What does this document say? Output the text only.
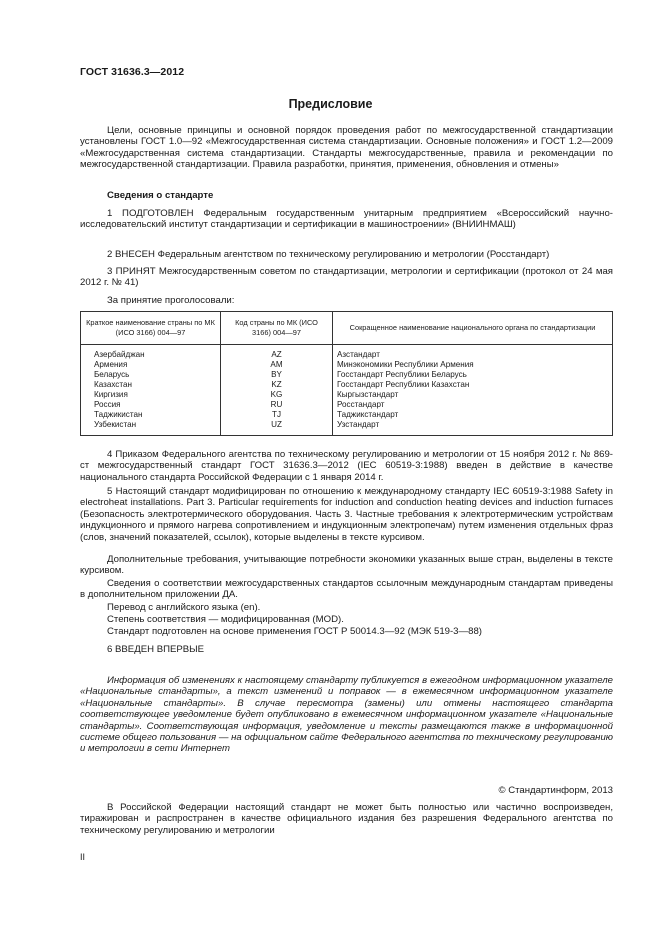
ГОСТ 31636.3—2012
Предисловие
Цели, основные принципы и основной порядок проведения работ по межгосударственной стандартизации установлены ГОСТ 1.0—92 «Межгосударственная система стандартизации. Основные положения» и ГОСТ 1.2—2009 «Межгосударственная система стандартизации. Стандарты межгосударственные, правила и рекомендации по межгосударственной стандартизации. Правила разработки, принятия, применения, обновления и отмены»
Сведения о стандарте
1 ПОДГОТОВЛЕН Федеральным государственным унитарным предприятием «Всероссийский научно-исследовательский институт стандартизации и сертификации в машиностроении» (ВНИИНМАШ)
2 ВНЕСЕН Федеральным агентством по техническому регулированию и метрологии (Росстандарт)
3 ПРИНЯТ Межгосударственным советом по стандартизации, метрологии и сертификации (протокол от 24 мая 2012 г. № 41)
За принятие проголосовали:
Краткое наименование страны по МК (ИСО 3166) 004—97	Код страны по МК (ИСО 3166) 004—97	Сокращенное наименование национального органа по стандартизации
Азербайджан	AZ	Азстандарт
Армения	AM	Минэкономики Республики Армения
Беларусь	BY	Госстандарт Республики Беларусь
Казахстан	KZ	Госстандарт Республики Казахстан
Киргизия	KG	Кыргызстандарт
Россия	RU	Росстандарт
Таджикистан	TJ	Таджикстандарт
Узбекистан	UZ	Узстандарт
4 Приказом Федерального агентства по техническому регулированию и метрологии от 15 ноября 2012 г. № 869-ст межгосударственный стандарт ГОСТ 31636.3—2012 (IEC 60519-3:1988) введен в действие в качестве национального стандарта Российской Федерации с 1 января 2014 г.
5 Настоящий стандарт модифицирован по отношению к международному стандарту IEC 60519-3:1988 Safety in electroheat installations. Part 3. Particular requirements for induction and conduction heating devices and induction furnaces (Безопасность электротермического оборудования. Часть 3. Частные требования к электротермическим устройствам индукционного и прямого нагрева сопротивлением и индукционным электропечам) путем изменения отдельных фраз (слов, значений показателей, ссылок), которые выделены в тексте курсивом.
Дополнительные требования, учитывающие потребности экономики указанных выше стран, выделены в тексте курсивом.
Сведения о соответствии межгосударственных стандартов ссылочным международным стандартам приведены в дополнительном приложении ДА.
Перевод с английского языка (en).
Степень соответствия — модифицированная (MOD).
Стандарт подготовлен на основе применения ГОСТ Р 50014.3—92 (МЭК 519-3—88)
6 ВВЕДЕН ВПЕРВЫЕ
Информация об изменениях к настоящему стандарту публикуется в ежегодном информационном указателе «Национальные стандарты», а текст изменений и поправок — в ежемесячном информационном указателе «Национальные стандарты». В случае пересмотра (замены) или отмены настоящего стандарта соответствующее уведомление будет опубликовано в ежемесячном информационном указателе «Национальные стандарты». Соответствующая информация, уведомление и тексты размещаются также в информационной системе общего пользования — на официальном сайте Федерального агентства по техническому регулированию и метрологии в сети Интернет
© Стандартинформ, 2013
В Российской Федерации настоящий стандарт не может быть полностью или частично воспроизведен, тиражирован и распространен в качестве официального издания без разрешения Федерального агентства по техническому регулированию и метрологии
II
